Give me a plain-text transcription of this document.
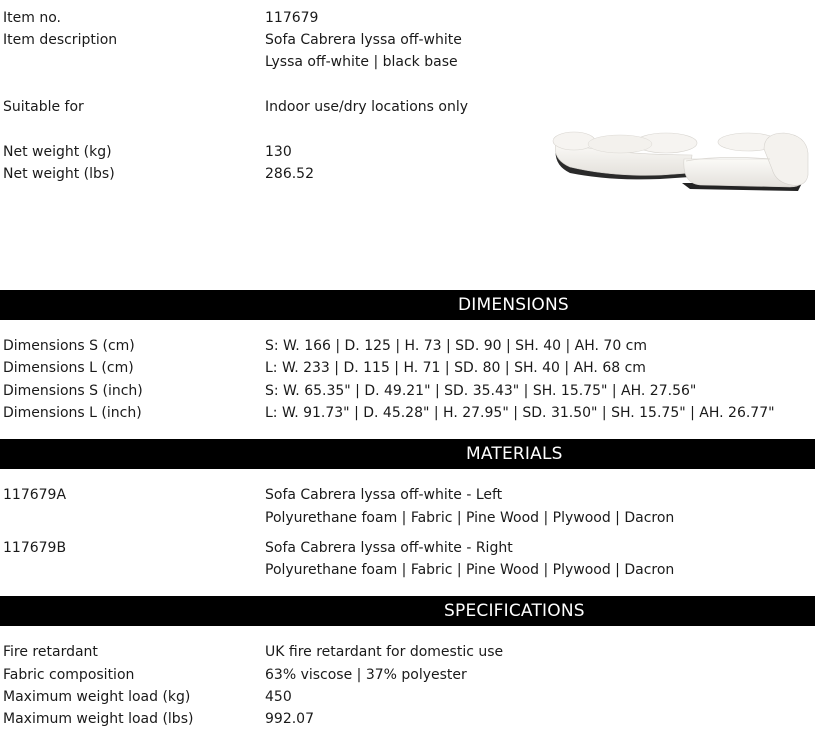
Item no.	117679
Item description	Sofa Cabrera lyssa off-white
Lyssa off-white | black base
Suitable for	Indoor use/dry locations only
Net weight (kg)	130
Net weight (lbs)	286.52
DIMENSIONS
Dimensions S (cm)	S: W. 166 | D. 125 | H. 73 | SD. 90 | SH. 40 | AH. 70 cm
Dimensions L (cm)	L: W. 233 | D. 115 | H. 71 | SD. 80 | SH. 40 | AH. 68 cm
Dimensions S (inch)	S: W. 65.35" | D. 49.21" | SD. 35.43" | SH. 15.75" | AH. 27.56"
Dimensions L (inch)	L: W. 91.73" | D. 45.28" | H. 27.95" | SD. 31.50" | SH. 15.75" | AH. 26.77"
MATERIALS
117679A	Sofa Cabrera lyssa off-white - Left
Polyurethane foam | Fabric | Pine Wood | Plywood | Dacron
117679B	Sofa Cabrera lyssa off-white - Right
Polyurethane foam | Fabric | Pine Wood | Plywood | Dacron
SPECIFICATIONS
Fire retardant	UK fire retardant for domestic use
Fabric composition	63% viscose | 37% polyester
Maximum weight load (kg)	450
Maximum weight load (lbs)	992.07
